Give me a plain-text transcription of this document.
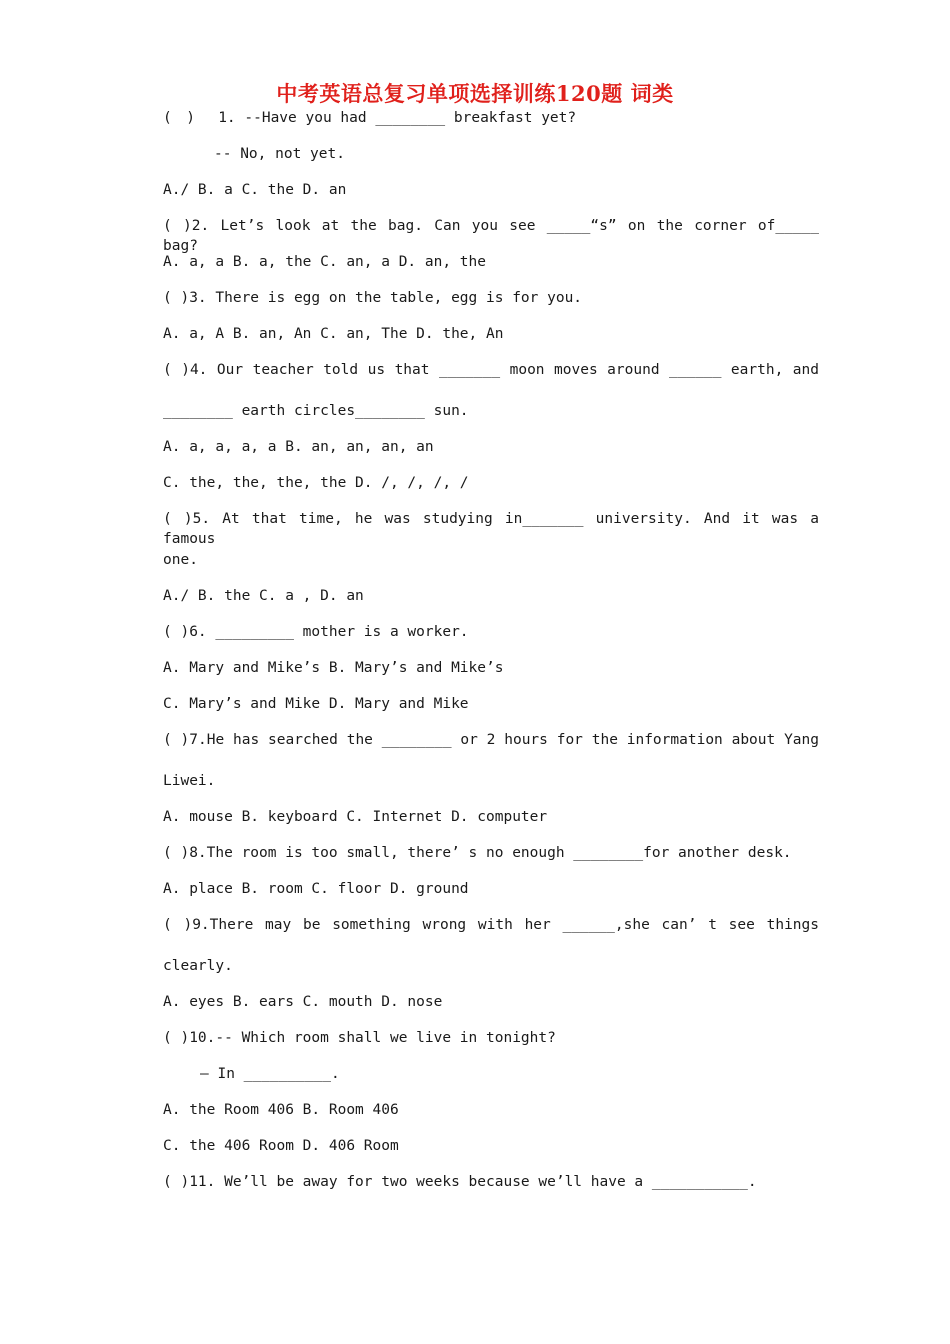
中考英语总复习单项选择训练120题 词类
(　)　 1. --Have you had ________ breakfast yet?
-- No, not yet.
A./ B. a C. the D. an
( )2. Let’s look at the bag. Can you see _____“s” on the corner of_____ bag?
A. a, a B. a, the C. an, a D. an, the
( )3. There is egg on the table, egg is for you.
A. a, A B. an, An C. an, The D. the, An
( )4. Our teacher told us that _______ moon moves around ______ earth, and
________ earth circles________ sun.
A. a, a, a, a B. an, an, an, an
C. the, the, the, the D. /, /, /, /
( )5. At that time, he was studying in_______ university. And it was a famous
one.
A./ B. the C. a , D. an
( )6. _________ mother is a worker.
A. Mary and Mike’s B. Mary’s and Mike’s
C. Mary’s and Mike D. Mary and Mike
( )7.He has searched the ________ or 2 hours for the information about Yang
Liwei.
A. mouse B. keyboard C. Internet D. computer
( )8.The room is too small, there’ s no enough ________for another desk.
A. place B. room C. floor D. ground
( )9.There may be something wrong with her ______,she can’ t see things
clearly.
A. eyes B. ears C. mouth D. nose
( )10.-- Which room shall we live in tonight?
– In __________.
A. the Room 406 B. Room 406
C. the 406 Room D. 406 Room
( )11. We’ll be away for two weeks because we’ll have a ___________.
